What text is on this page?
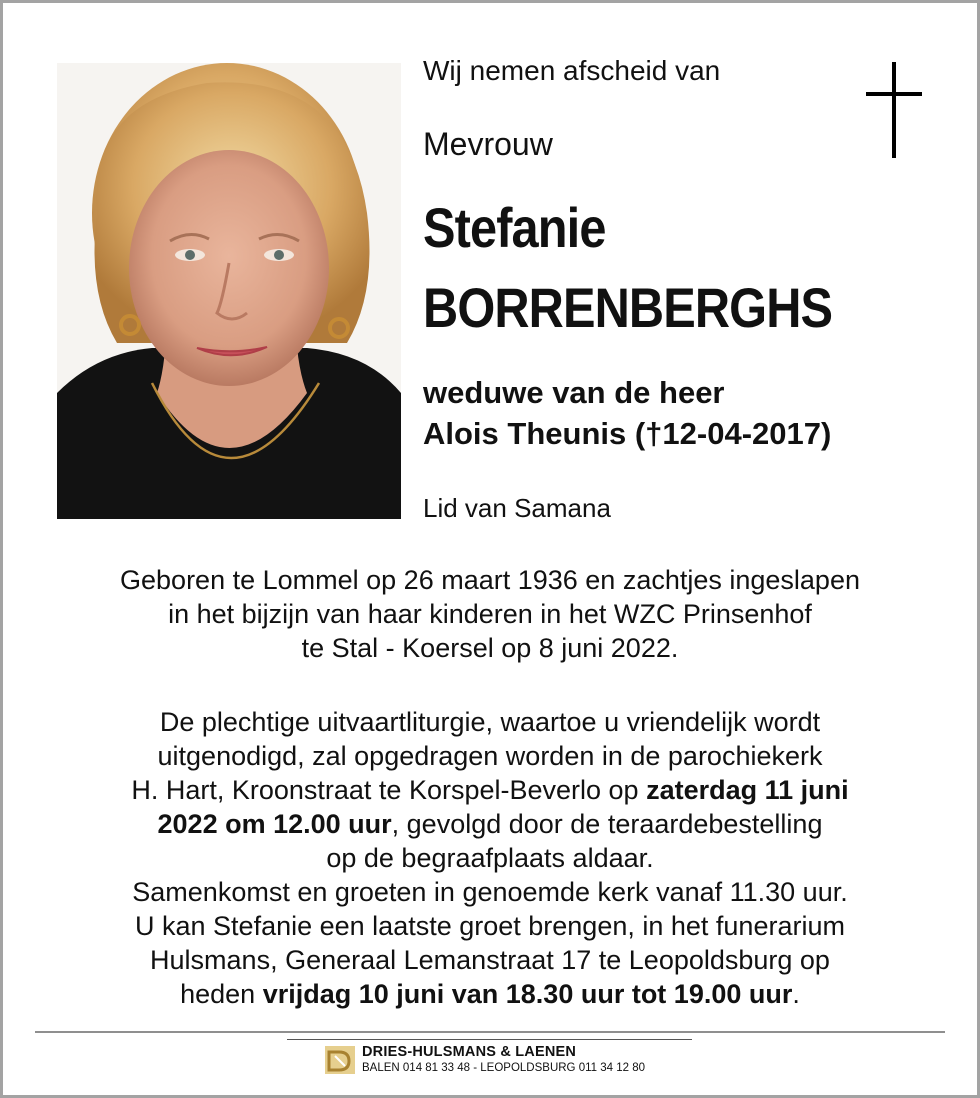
Wij nemen afscheid van
Mevrouw
Stefanie
BORRENBERGHS
weduwe van de heer
Alois Theunis (†12-04-2017)
Lid van Samana
Geboren te Lommel op 26 maart 1936 en zachtjes ingeslapen
in het bijzijn van haar kinderen in het WZC Prinsenhof
te Stal - Koersel op 8 juni 2022.
De plechtige uitvaartliturgie, waartoe u vriendelijk wordt
uitgenodigd, zal opgedragen worden in de parochiekerk
H. Hart, Kroonstraat te Korspel-Beverlo op zaterdag 11 juni
2022 om 12.00 uur, gevolgd door de teraardebestelling
op de begraafplaats aldaar.
Samenkomst en groeten in genoemde kerk vanaf 11.30 uur.
U kan Stefanie een laatste groet brengen, in het funerarium
Hulsmans, Generaal Lemanstraat 17 te Leopoldsburg op
heden vrijdag 10 juni van 18.30 uur tot 19.00 uur.
DRIES-HULSMANS & LAENEN
BALEN 014 81 33 48 - LEOPOLDSBURG 011 34 12 80
